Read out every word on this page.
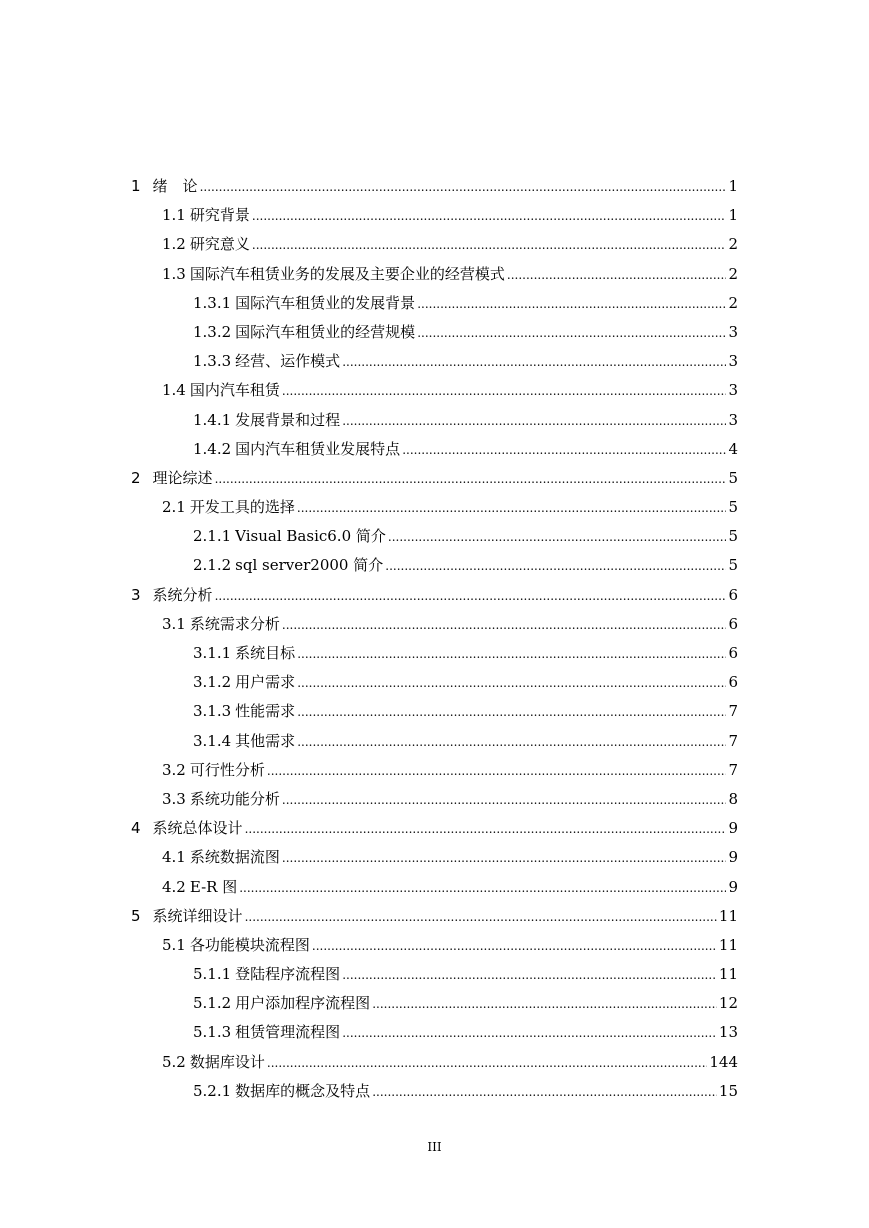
1 绪　论 .....	1
1.1 研究背景 .....	1
1.2 研究意义 .....	2
1.3 国际汽车租赁业务的发展及主要企业的经营模式 .....	2
1.3.1 国际汽车租赁业的发展背景 .....	2
1.3.2 国际汽车租赁业的经营规模 .....	3
1.3.3 经营、运作模式 .....	3
1.4 国内汽车租赁 .....	3
1.4.1 发展背景和过程 .....	3
1.4.2 国内汽车租赁业发展特点 .....	4
2 理论综述 .....	5
2.1 开发工具的选择 .....	5
2.1.1 Visual Basic6.0 简介 .....	5
2.1.2 sql server2000 简介 .....	5
3 系统分析 .....	6
3.1 系统需求分析 .....	6
3.1.1 系统目标 .....	6
3.1.2 用户需求 .....	6
3.1.3 性能需求 .....	7
3.1.4 其他需求 .....	7
3.2 可行性分析 .....	7
3.3 系统功能分析 .....	8
4 系统总体设计 .....	9
4.1 系统数据流图 .....	9
4.2 E-R 图 .....	9
5 系统详细设计 .....	11
5.1 各功能模块流程图 .....	11
5.1.1 登陆程序流程图 .....	11
5.1.2 用户添加程序流程图 .....	12
5.1.3 租赁管理流程图 .....	13
5.2 数据库设计 .....	144
5.2.1 数据库的概念及特点 .....	15
III
